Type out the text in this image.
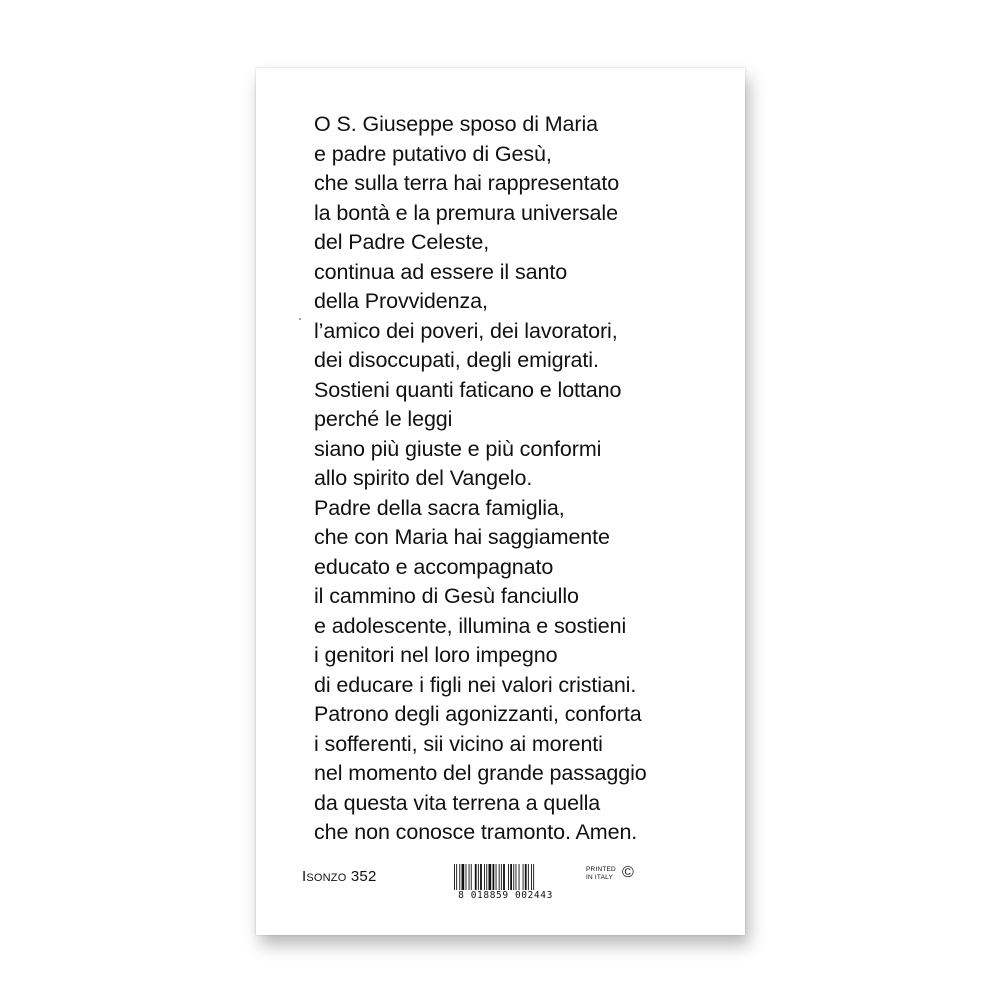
O S. Giuseppe sposo di Maria
e padre putativo di Gesù,
che sulla terra hai rappresentato
la bontà e la premura universale
del Padre Celeste,
continua ad essere il santo
della Provvidenza,
l’amico dei poveri, dei lavoratori,
dei disoccupati, degli emigrati.
Sostieni quanti faticano e lottano
perché le leggi
siano più giuste e più conformi
allo spirito del Vangelo.
Padre della sacra famiglia,
che con Maria hai saggiamente
educato e accompagnato
il cammino di Gesù fanciullo
e adolescente, illumina e sostieni
i genitori nel loro impegno
di educare i figli nei valori cristiani.
Patrono degli agonizzanti, conforta
i sofferenti, sii vicino ai morenti
nel momento del grande passaggio
da questa vita terrena a quella
che non conosce tramonto. Amen.
ISONZO 352
8 018859 002443
PRINTED
IN ITALY ©
